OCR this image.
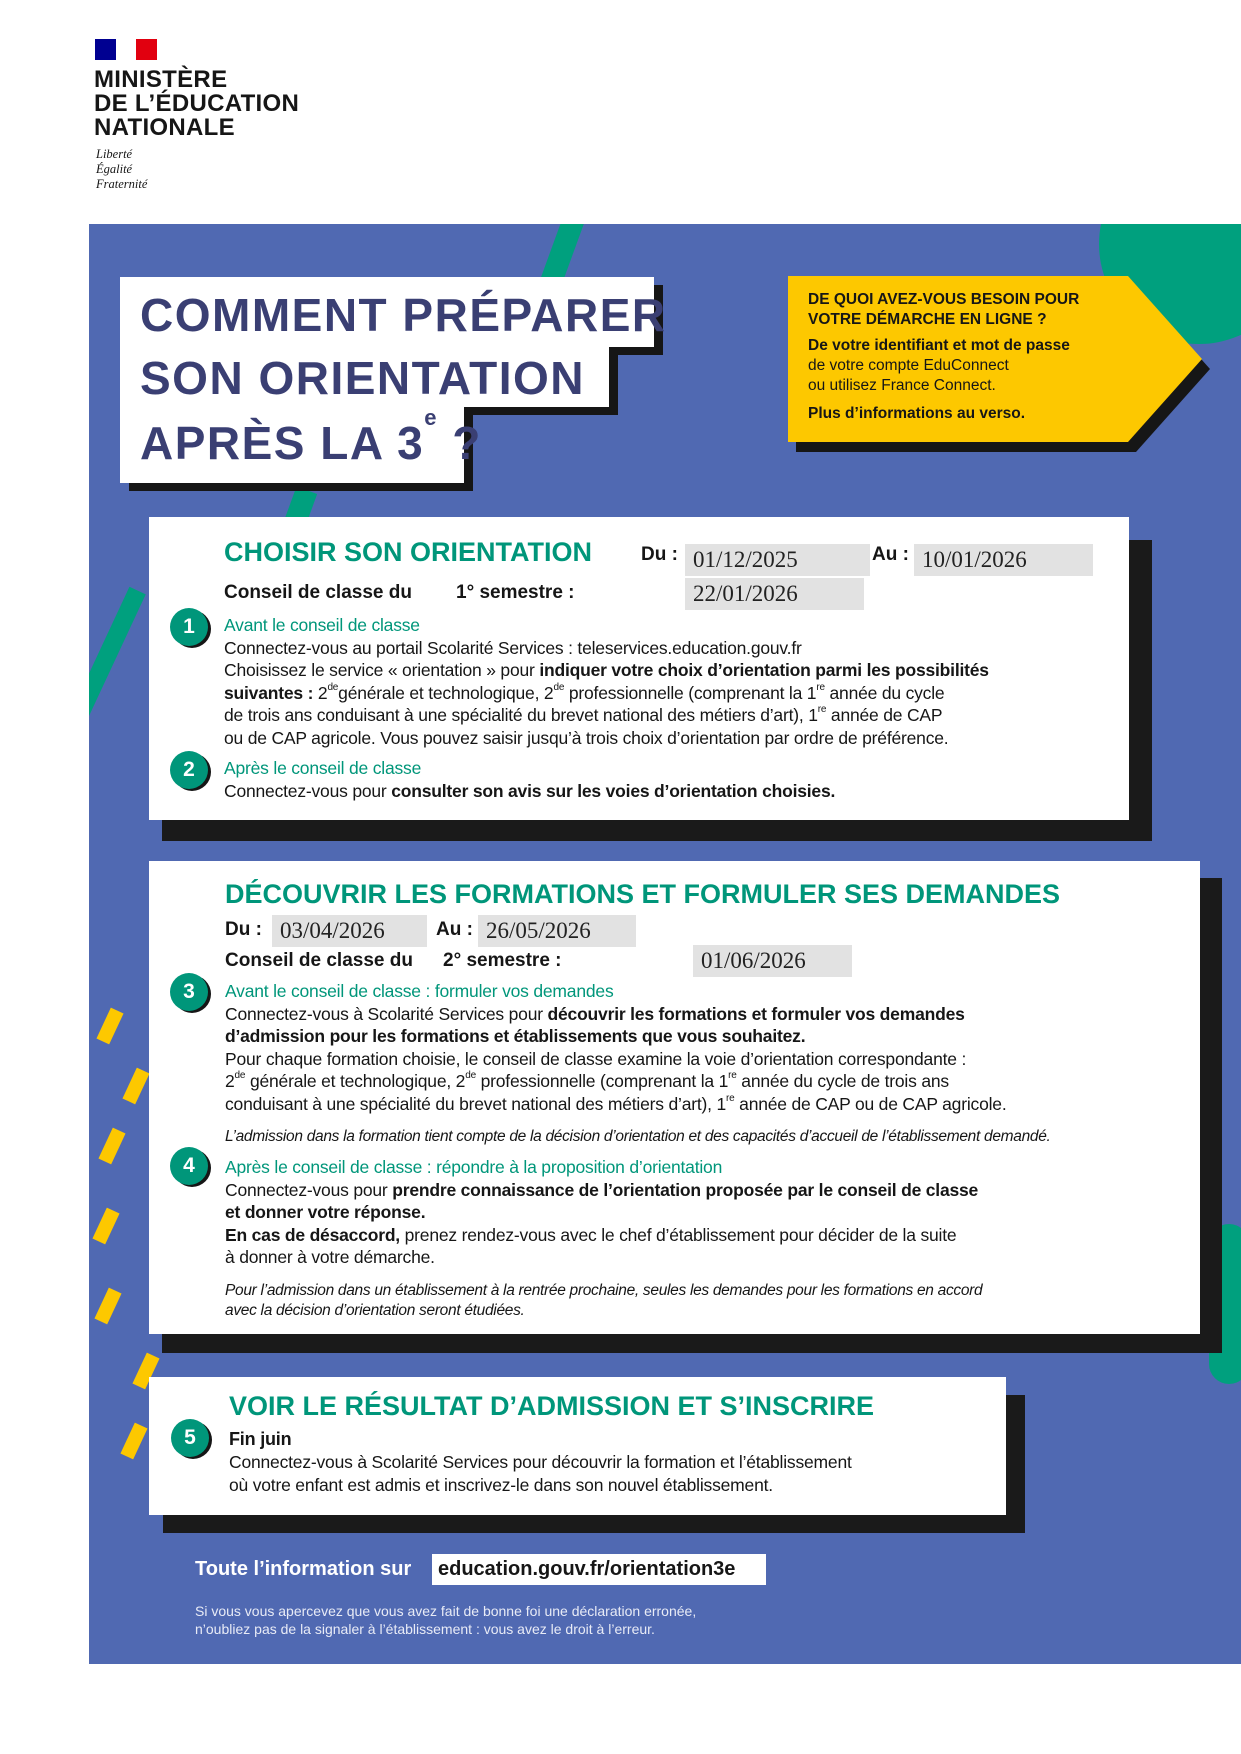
MINISTÈRE
DE L’ÉDUCATION
NATIONALE
Liberté
Égalité
Fraternité
COMMENT PRÉPARER
SON ORIENTATION
APRÈS LA 3e ?
DE QUOI AVEZ-VOUS BESOIN POUR
VOTRE DÉMARCHE EN LIGNE ?
De votre identifiant et mot de passe
de votre compte EduConnect
ou utilisez France Connect.
Plus d’informations au verso.
CHOISIR SON ORIENTATION	Du : 01/12/2025	Au : 10/01/2026
Conseil de classe du 1° semestre :	22/01/2026
1	Avant le conseil de classe
Connectez-vous au portail Scolarité Services : teleservices.education.gouv.fr
Choisissez le service « orientation » pour indiquer votre choix d’orientation parmi les possibilités
suivantes : 2degénérale et technologique, 2de professionnelle (comprenant la 1re année du cycle
de trois ans conduisant à une spécialité du brevet national des métiers d’art), 1re année de CAP
ou de CAP agricole. Vous pouvez saisir jusqu’à trois choix d’orientation par ordre de préférence.
2	Après le conseil de classe
Connectez-vous pour consulter son avis sur les voies d’orientation choisies.
DÉCOUVRIR LES FORMATIONS ET FORMULER SES DEMANDES
Du : 03/04/2026	Au : 26/05/2026
Conseil de classe du 2° semestre :	01/06/2026
3	Avant le conseil de classe : formuler vos demandes
Connectez-vous à Scolarité Services pour découvrir les formations et formuler vos demandes
d’admission pour les formations et établissements que vous souhaitez.
Pour chaque formation choisie, le conseil de classe examine la voie d’orientation correspondante :
2de générale et technologique, 2de professionnelle (comprenant la 1re année du cycle de trois ans
conduisant à une spécialité du brevet national des métiers d’art), 1re année de CAP ou de CAP agricole.
L’admission dans la formation tient compte de la décision d’orientation et des capacités d’accueil de l’établissement demandé.
4	Après le conseil de classe : répondre à la proposition d’orientation
Connectez-vous pour prendre connaissance de l’orientation proposée par le conseil de classe
et donner votre réponse.
En cas de désaccord, prenez rendez-vous avec le chef d’établissement pour décider de la suite
à donner à votre démarche.
Pour l’admission dans un établissement à la rentrée prochaine, seules les demandes pour les formations en accord
avec la décision d’orientation seront étudiées.
VOIR LE RÉSULTAT D’ADMISSION ET S’INSCRIRE
5	Fin juin
Connectez-vous à Scolarité Services pour découvrir la formation et l’établissement
où votre enfant est admis et inscrivez-le dans son nouvel établissement.
Toute l’information sur	education.gouv.fr/orientation3e
Si vous vous apercevez que vous avez fait de bonne foi une déclaration erronée,
n’oubliez pas de la signaler à l’établissement : vous avez le droit à l’erreur.
